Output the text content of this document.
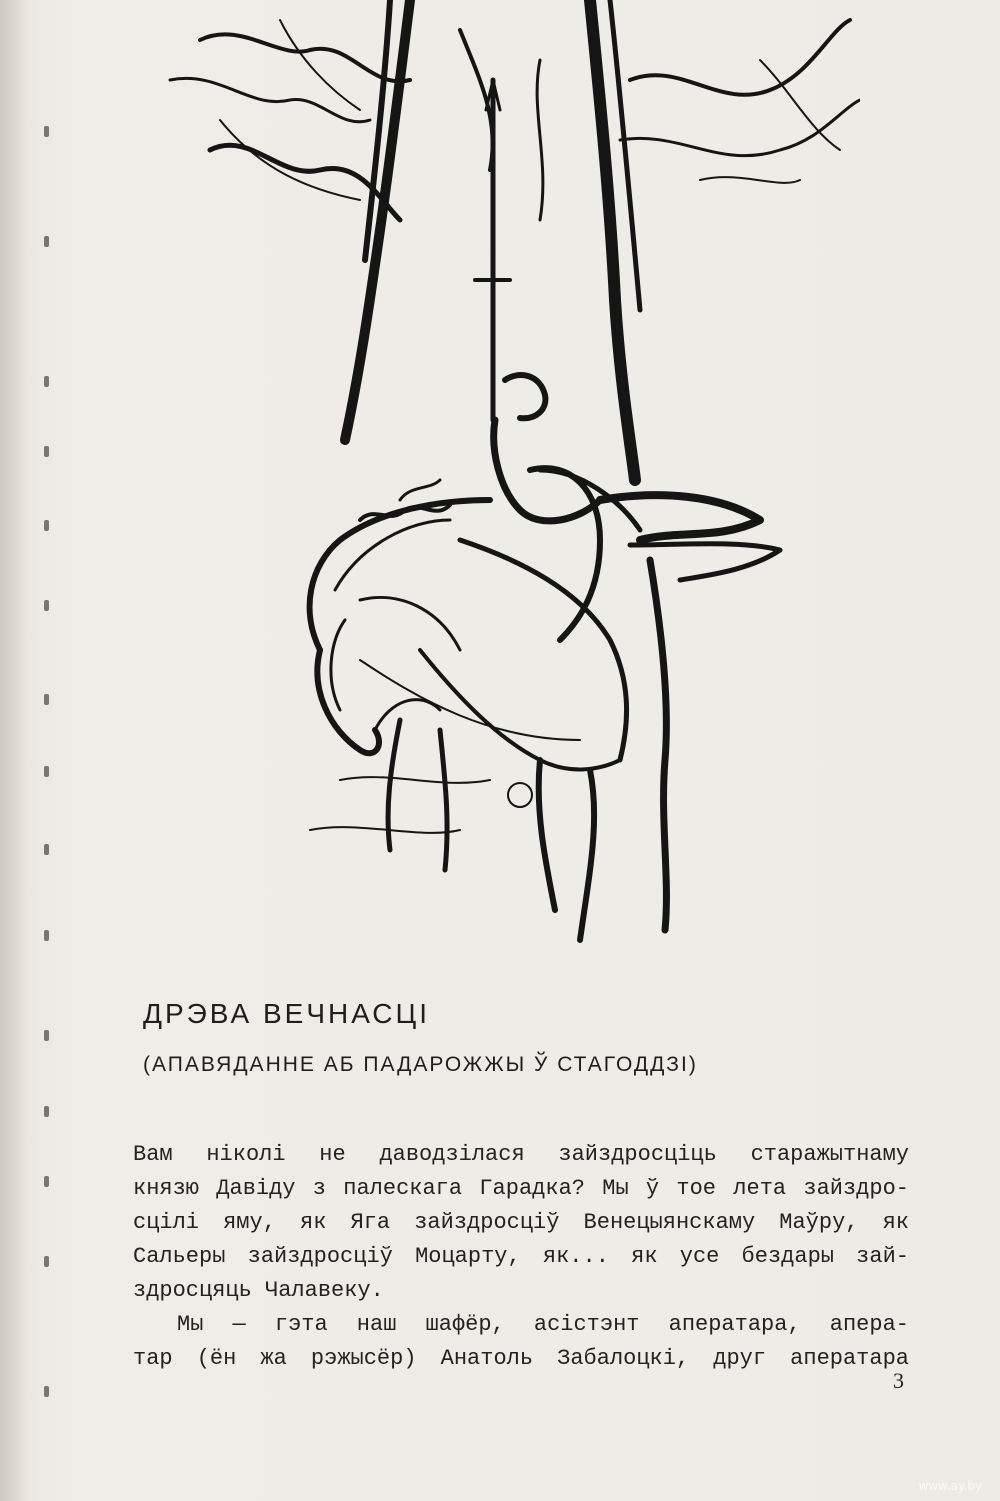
ДРЭВА ВЕЧНАСЦІ
(АПАВЯДАННЕ АБ ПАДАРОЖЖЫ Ў СТАГОДДЗІ)
Вам ніколі не даводзілася зайздросціць старажытнаму
князю Давіду з палескага Гарадка? Мы ў тое лета зайздро-
сцілі яму, як Яга зайздросціў Венецыянскаму Маўру, як
Сальеры зайздросціў Моцарту, як... як усе бездары зай-
здросцяць Чалавеку.
Мы — гэта наш шафёр, асістэнт аператара, апера-
тар (ён жа рэжысёр) Анатоль Забалоцкі, друг аператара
3
www.ay.by
